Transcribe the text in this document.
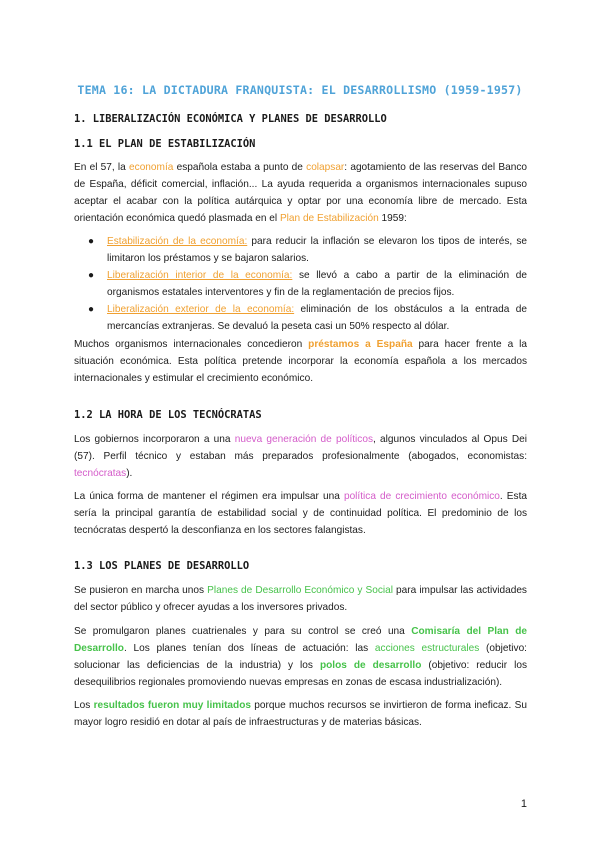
TEMA 16: LA DICTADURA FRANQUISTA: EL DESARROLLISMO (1959-1957)
1. LIBERALIZACIÓN ECONÓMICA Y PLANES DE DESARROLLO
1.1 EL PLAN DE ESTABILIZACIÓN
En el 57, la economía española estaba a punto de colapsar: agotamiento de las reservas del Banco de España, déficit comercial, inflación... La ayuda requerida a organismos internacionales supuso aceptar el acabar con la política autárquica y optar por una economía libre de mercado. Esta orientación económica quedó plasmada en el Plan de Estabilización 1959:
● Estabilización de la economía: para reducir la inflación se elevaron los tipos de interés, se limitaron los préstamos y se bajaron salarios.
● Liberalización interior de la economía: se llevó a cabo a partir de la eliminación de organismos estatales interventores y fin de la reglamentación de precios fijos.
● Liberalización exterior de la economía: eliminación de los obstáculos a la entrada de mercancías extranjeras. Se devaluó la peseta casi un 50% respecto al dólar.
Muchos organismos internacionales concedieron préstamos a España para hacer frente a la situación económica. Esta política pretende incorporar la economía española a los mercados internacionales y estimular el crecimiento económico.
1.2 LA HORA DE LOS TECNÓCRATAS
Los gobiernos incorporaron a una nueva generación de políticos, algunos vinculados al Opus Dei (57). Perfil técnico y estaban más preparados profesionalmente (abogados, economistas: tecnócratas).
La única forma de mantener el régimen era impulsar una política de crecimiento económico. Esta sería la principal garantía de estabilidad social y de continuidad política. El predominio de los tecnócratas despertó la desconfianza en los sectores falangistas.
1.3 LOS PLANES DE DESARROLLO
Se pusieron en marcha unos Planes de Desarrollo Económico y Social para impulsar las actividades del sector público y ofrecer ayudas a los inversores privados.
Se promulgaron planes cuatrienales y para su control se creó una Comisaría del Plan de Desarrollo. Los planes tenían dos líneas de actuación: las acciones estructurales (objetivo: solucionar las deficiencias de la industria) y los polos de desarrollo (objetivo: reducir los desequilibrios regionales promoviendo nuevas empresas en zonas de escasa industrialización).
Los resultados fueron muy limitados porque muchos recursos se invirtieron de forma ineficaz. Su mayor logro residió en dotar al país de infraestructuras y de materias básicas.
1
